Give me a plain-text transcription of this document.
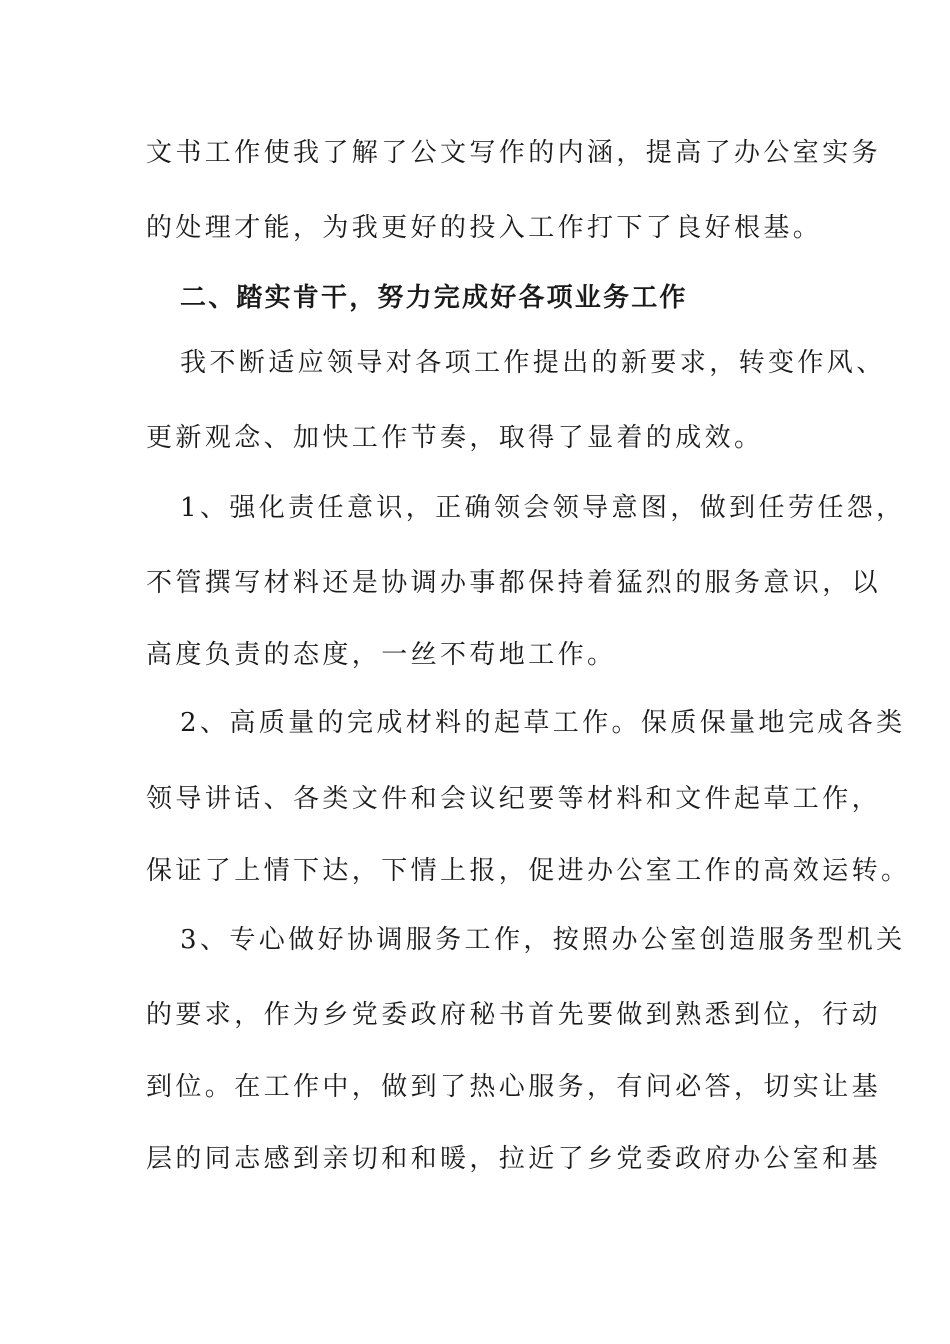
文书工作使我了解了公文写作的内涵，提高了办公室实务
的处理才能，为我更好的投入工作打下了良好根基。
二、踏实肯干，努力完成好各项业务工作
我不断适应领导对各项工作提出的新要求，转变作风、
更新观念、加快工作节奏，取得了显着的成效。
1、强化责任意识，正确领会领导意图，做到任劳任怨，
不管撰写材料还是协调办事都保持着猛烈的服务意识，以
高度负责的态度，一丝不苟地工作。
2、高质量的完成材料的起草工作。保质保量地完成各类
领导讲话、各类文件和会议纪要等材料和文件起草工作，
保证了上情下达，下情上报，促进办公室工作的高效运转。
3、专心做好协调服务工作，按照办公室创造服务型机关
的要求，作为乡党委政府秘书首先要做到熟悉到位，行动
到位。在工作中，做到了热心服务，有问必答，切实让基
层的同志感到亲切和和暖，拉近了乡党委政府办公室和基
